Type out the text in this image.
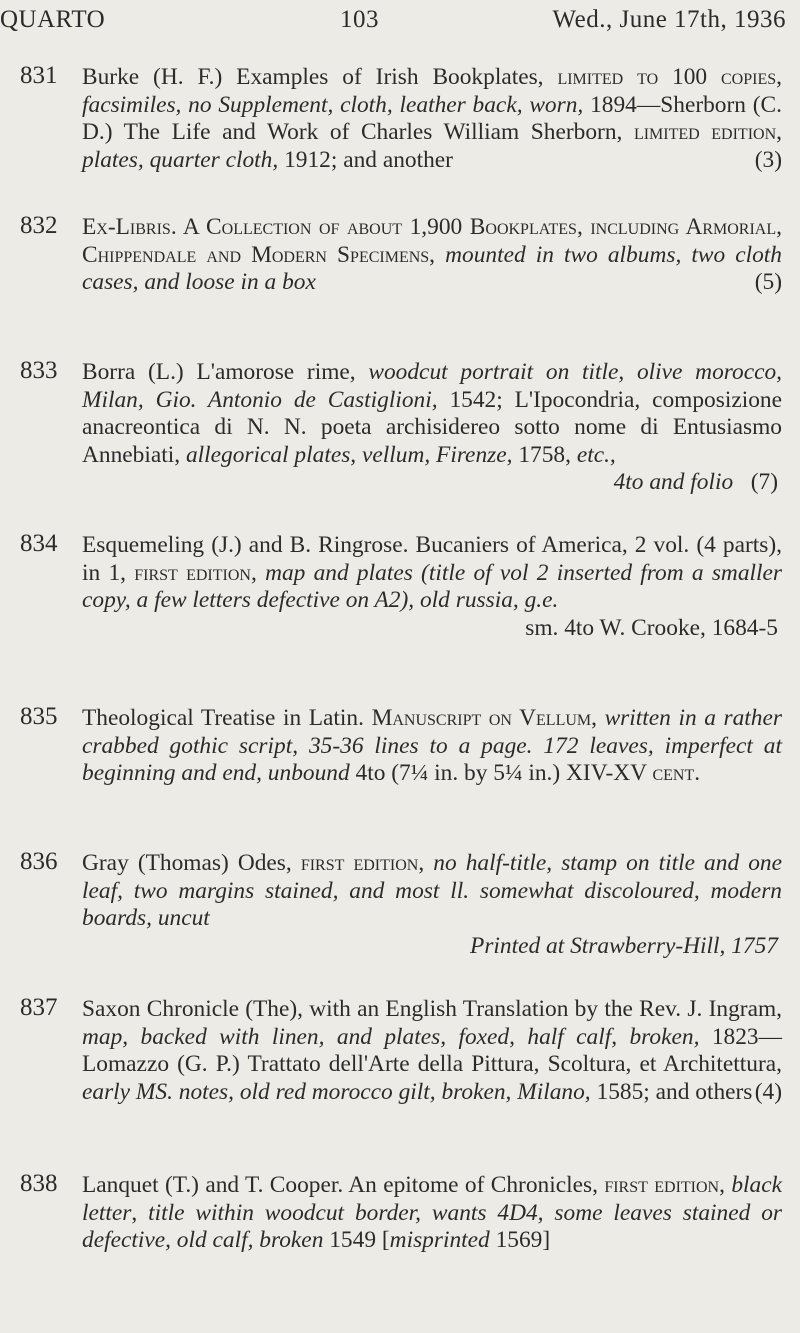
QUARTO	103	Wed., June 17th, 1936
831 Burke (H. F.) Examples of Irish Bookplates, limited to 100 copies, facsimiles, no Supplement, cloth, leather back, worn, 1894—Sherborn (C. D.) The Life and Work of Charles William Sherborn, limited edition, plates, quarter cloth, 1912; and another	(3)
832 Ex-Libris. A Collection of about 1,900 Bookplates, including Armorial, Chippendale and Modern Specimens, mounted in two albums, two cloth cases, and loose in a box	(5)
833 Borra (L.) L'amorose rime, woodcut portrait on title, olive morocco, Milan, Gio. Antonio de Castiglioni, 1542; L'Ipocondria, composizione anacreontica di N. N. poeta archisidereo sotto nome di Entusiasmo Annebiati, allegorical plates, vellum, Firenze, 1758, etc.,
4to and folio (7)
834 Esquemeling (J.) and B. Ringrose. Bucaniers of America, 2 vol. (4 parts), in 1, first edition, map and plates (title of vol 2 inserted from a smaller copy, a few letters defective on A2), old russia, g.e.
sm. 4to W. Crooke, 1684-5
835 Theological Treatise in Latin. Manuscript on Vellum, written in a rather crabbed gothic script, 35-36 lines to a page. 172 leaves, imperfect at beginning and end, unbound 4to (7¼ in. by 5¼ in.) XIV-XV cent.
836 Gray (Thomas) Odes, first edition, no half-title, stamp on title and one leaf, two margins stained, and most ll. somewhat discoloured, modern boards, uncut
Printed at Strawberry-Hill, 1757
837 Saxon Chronicle (The), with an English Translation by the Rev. J. Ingram, map, backed with linen, and plates, foxed, half calf, broken, 1823—Lomazzo (G. P.) Trattato dell'Arte della Pittura, Scoltura, et Architettura, early MS. notes, old red morocco gilt, broken, Milano, 1585; and others (4)
838 Lanquet (T.) and T. Cooper. An epitome of Chronicles, first edition, black letter, title within woodcut border, wants 4D4, some leaves stained or defective, old calf, broken 1549 [misprinted 1569]
